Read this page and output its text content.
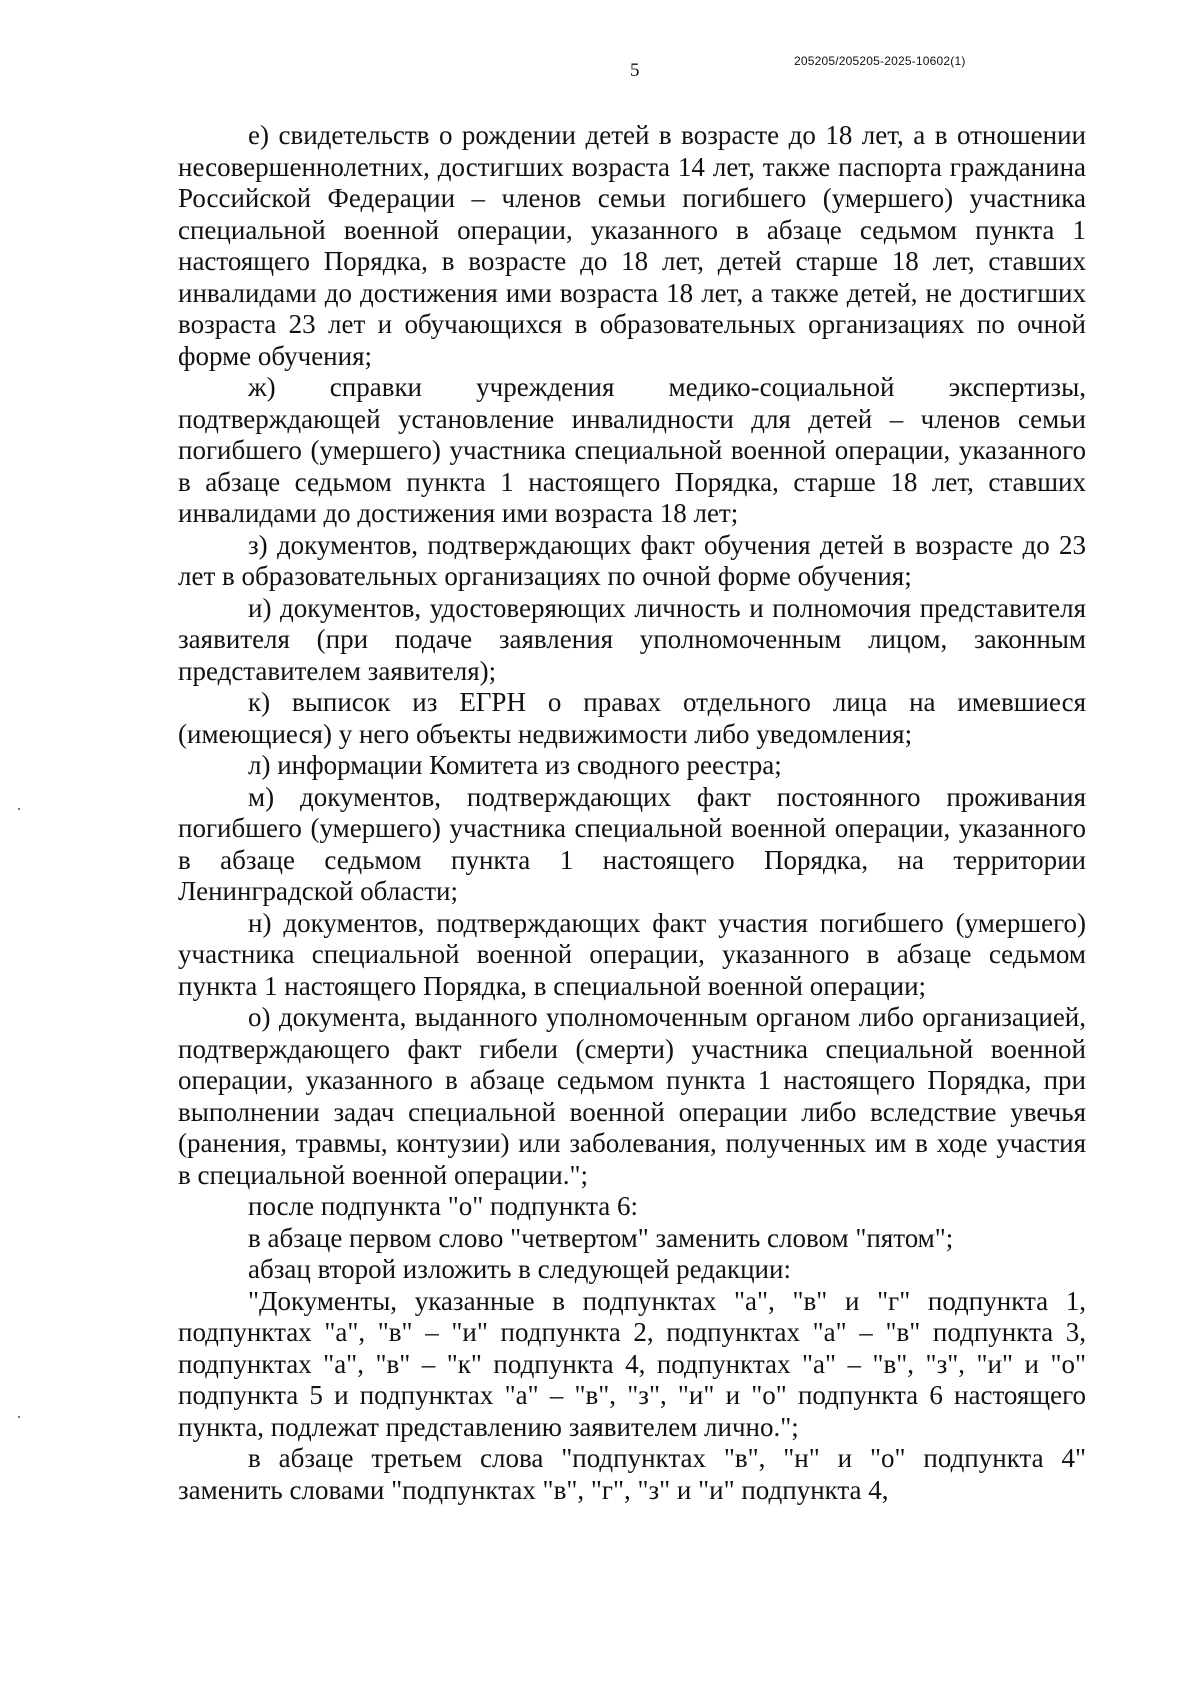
5	205205/205205-2025-10602(1)

е) свидетельств о рождении детей в возрасте до 18 лет, а в отношении несовершеннолетних, достигших возраста 14 лет, также паспорта гражданина Российской Федерации – членов семьи погибшего (умершего) участника специальной военной операции, указанного в абзаце седьмом пункта 1 настоящего Порядка, в возрасте до 18 лет, детей старше 18 лет, ставших инвалидами до достижения ими возраста 18 лет, а также детей, не достигших возраста 23 лет и обучающихся в образовательных организациях по очной форме обучения;

ж) справки учреждения медико-социальной экспертизы, подтверждающей установление инвалидности для детей – членов семьи погибшего (умершего) участника специальной военной операции, указанного в абзаце седьмом пункта 1 настоящего Порядка, старше 18 лет, ставших инвалидами до достижения ими возраста 18 лет;

з) документов, подтверждающих факт обучения детей в возрасте до 23 лет в образовательных организациях по очной форме обучения;

и) документов, удостоверяющих личность и полномочия представителя заявителя (при подаче заявления уполномоченным лицом, законным представителем заявителя);

к) выписок из ЕГРН о правах отдельного лица на имевшиеся (имеющиеся) у него объекты недвижимости либо уведомления;

л) информации Комитета из сводного реестра;

м) документов, подтверждающих факт постоянного проживания погибшего (умершего) участника специальной военной операции, указанного в абзаце седьмом пункта 1 настоящего Порядка, на территории Ленинградской области;

н) документов, подтверждающих факт участия погибшего (умершего) участника специальной военной операции, указанного в абзаце седьмом пункта 1 настоящего Порядка, в специальной военной операции;

о) документа, выданного уполномоченным органом либо организацией, подтверждающего факт гибели (смерти) участника специальной военной операции, указанного в абзаце седьмом пункта 1 настоящего Порядка, при выполнении задач специальной военной операции либо вследствие увечья (ранения, травмы, контузии) или заболевания, полученных им в ходе участия в специальной военной операции.";

после подпункта "о" подпункта 6:

в абзаце первом слово "четвертом" заменить словом "пятом";

абзац второй изложить в следующей редакции:

"Документы, указанные в подпунктах "а", "в" и "г" подпункта 1, подпунктах "а", "в" – "и" подпункта 2, подпунктах "а" – "в" подпункта 3, подпунктах "а", "в" – "к" подпункта 4, подпунктах "а" – "в", "з", "и" и "о" подпункта 5 и подпунктах "а" – "в", "з", "и" и "о" подпункта 6 настоящего пункта, подлежат представлению заявителем лично.";

в абзаце третьем слова "подпунктах "в", "н" и "о" подпункта 4" заменить словами "подпунктах "в", "г", "з" и "и" подпункта 4,
